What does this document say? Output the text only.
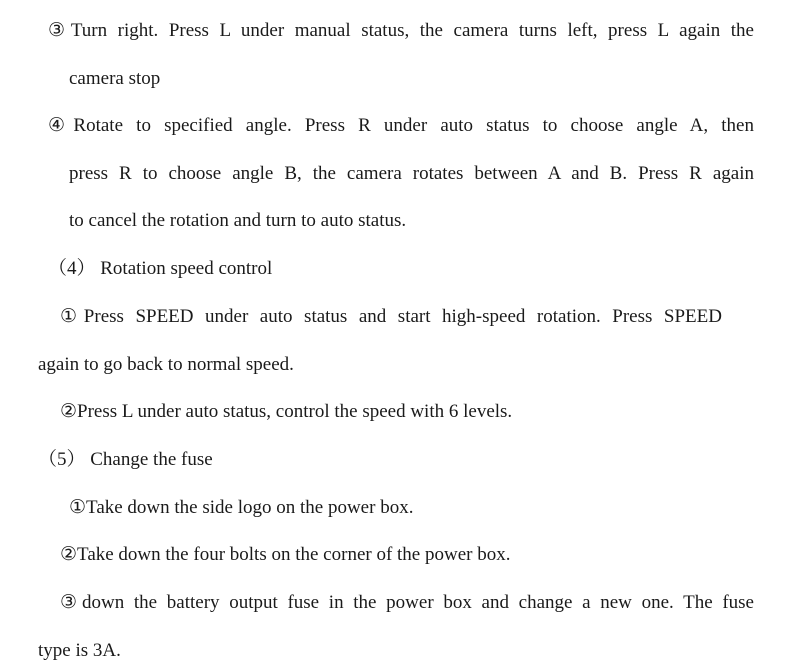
③Turn right. Press L under manual status, the camera turns left, press L again the
camera stop
④Rotate to specified angle. Press R under auto status to choose angle A, then
press R to choose angle B, the camera rotates between A and B. Press R again
to cancel the rotation and turn to auto status.
（4） Rotation speed control
①Press SPEED under auto status and start high-speed rotation. Press SPEED
again to go back to normal speed.
②Press L under auto status, control the speed with 6 levels.
（5） Change the fuse
①Take down the side logo on the power box.
②Take down the four bolts on the corner of the power box.
③down the battery output fuse in the power box and change a new one. The fuse
type is 3A.
